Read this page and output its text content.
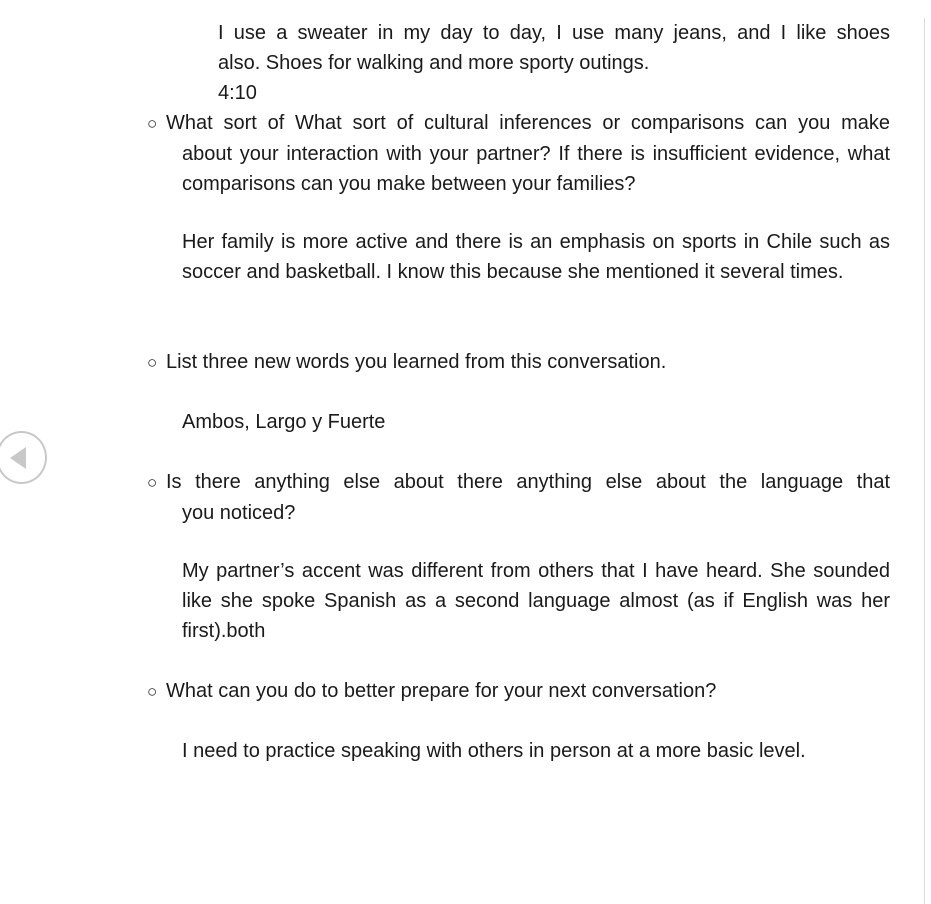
I use a sweater in my day to day, I use many jeans, and I like shoes
also. Shoes for walking and more sporty outings.

4:10

○ What sort of What sort of cultural inferences or comparisons can you make
about your interaction with your partner? If there is insufficient evidence, what comparisons can you make between your families?

Her family is more active and there is an emphasis on sports in Chile such as soccer and basketball. I know this because she mentioned it several times.

○ List three new words you learned from this conversation.

Ambos, Largo y Fuerte

○ Is there anything else about there anything else about the language that
you noticed?

My partner’s accent was different from others that I have heard. She sounded like she spoke Spanish as a second language almost (as if English was her first).both

○ What can you do to better prepare for your next conversation?

I need to practice speaking with others in person at a more basic level.
